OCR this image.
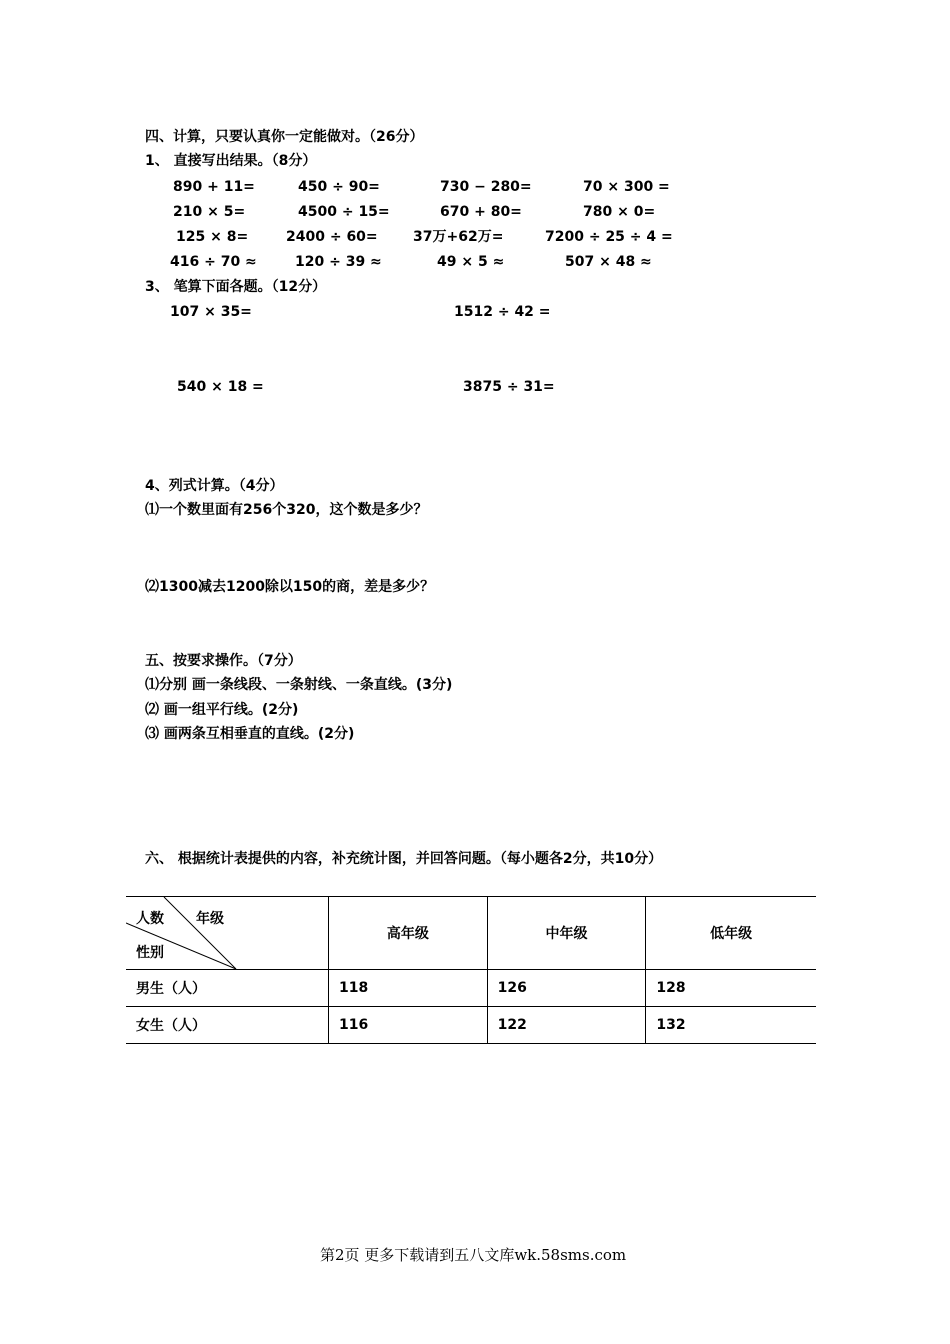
四、计算，只要认真你一定能做对。（26分）
1、 直接写出结果。（8分）
890 + 11=	450 ÷ 90=	730 − 280=	70 × 300 =
210 × 5=	4500 ÷ 15=	670 + 80=	780 × 0=
125 × 8=	2400 ÷ 60=	37万+62万=	7200 ÷ 25 ÷ 4 =
416 ÷ 70 ≈	120 ÷ 39 ≈	49 × 5 ≈	507 × 48 ≈
3、 笔算下面各题。（12分）
107 × 35=	1512 ÷ 42 =
540 × 18 =	3875 ÷ 31=
4、列式计算。（4分）
⑴一个数里面有256个320，这个数是多少？
⑵1300减去1200除以150的商，差是多少？
五、按要求操作。（7分）
⑴分别 画一条线段、一条射线、一条直线。(3分)
⑵ 画一组平行线。(2分)
⑶ 画两条互相垂直的直线。(2分)
六、 根据统计表提供的内容，补充统计图，并回答问题。（每小题各2分，共10分）
年级
人数
性别	高年级	中年级	低年级
男生（人）	118	126	128
女生（人）	116	122	132
第2页 更多下载请到五八文库wk.58sms.com
